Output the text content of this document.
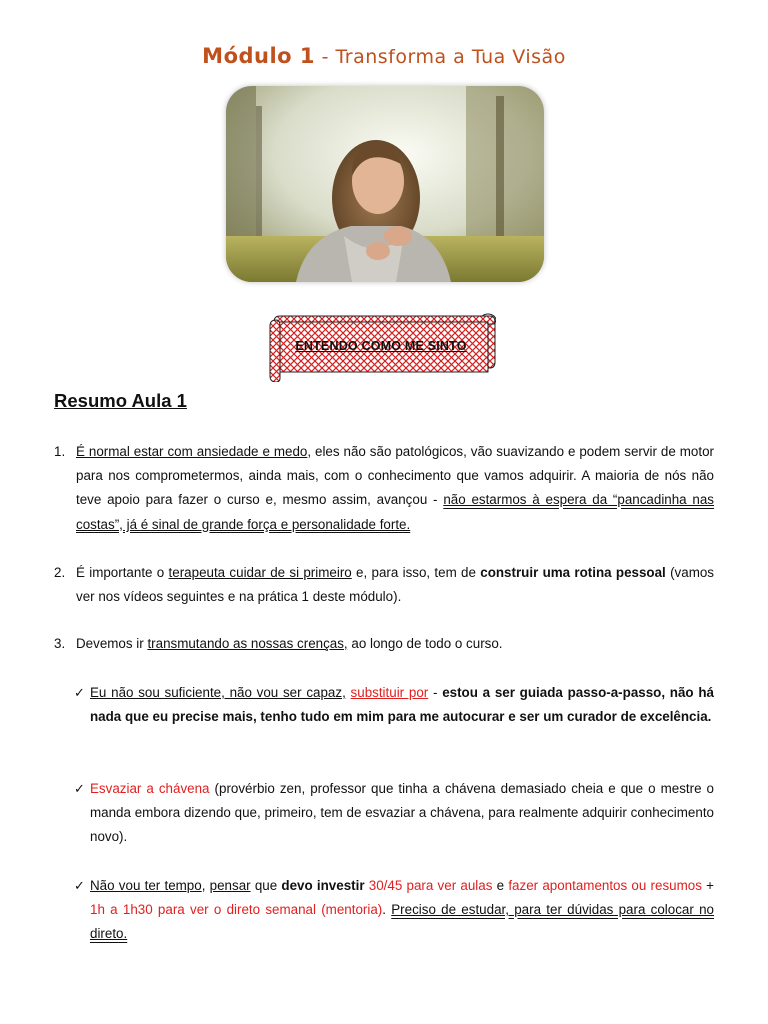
Módulo 1 - Transforma a Tua Visão
ENTENDO COMO ME SINTO
Resumo Aula 1
1. É normal estar com ansiedade e medo, eles não são patológicos, vão suavizando e podem servir de motor para nos comprometermos, ainda mais, com o conhecimento que vamos adquirir. A maioria de nós não teve apoio para fazer o curso e, mesmo assim, avançou - não estarmos à espera da “pancadinha nas costas”, já é sinal de grande força e personalidade forte.
2. É importante o terapeuta cuidar de si primeiro e, para isso, tem de construir uma rotina pessoal (vamos ver nos vídeos seguintes e na prática 1 deste módulo).
3. Devemos ir transmutando as nossas crenças, ao longo de todo o curso.
✓ Eu não sou suficiente, não vou ser capaz, substituir por - estou a ser guiada passo-a-passo, não há nada que eu precise mais, tenho tudo em mim para me autocurar e ser um curador de excelência.
✓ Esvaziar a chávena (provérbio zen, professor que tinha a chávena demasiado cheia e que o mestre o manda embora dizendo que, primeiro, tem de esvaziar a chávena, para realmente adquirir conhecimento novo).
✓ Não vou ter tempo, pensar que devo investir 30/45 para ver aulas e fazer apontamentos ou resumos + 1h a 1h30 para ver o direto semanal (mentoria). Preciso de estudar, para ter dúvidas para colocar no direto.
